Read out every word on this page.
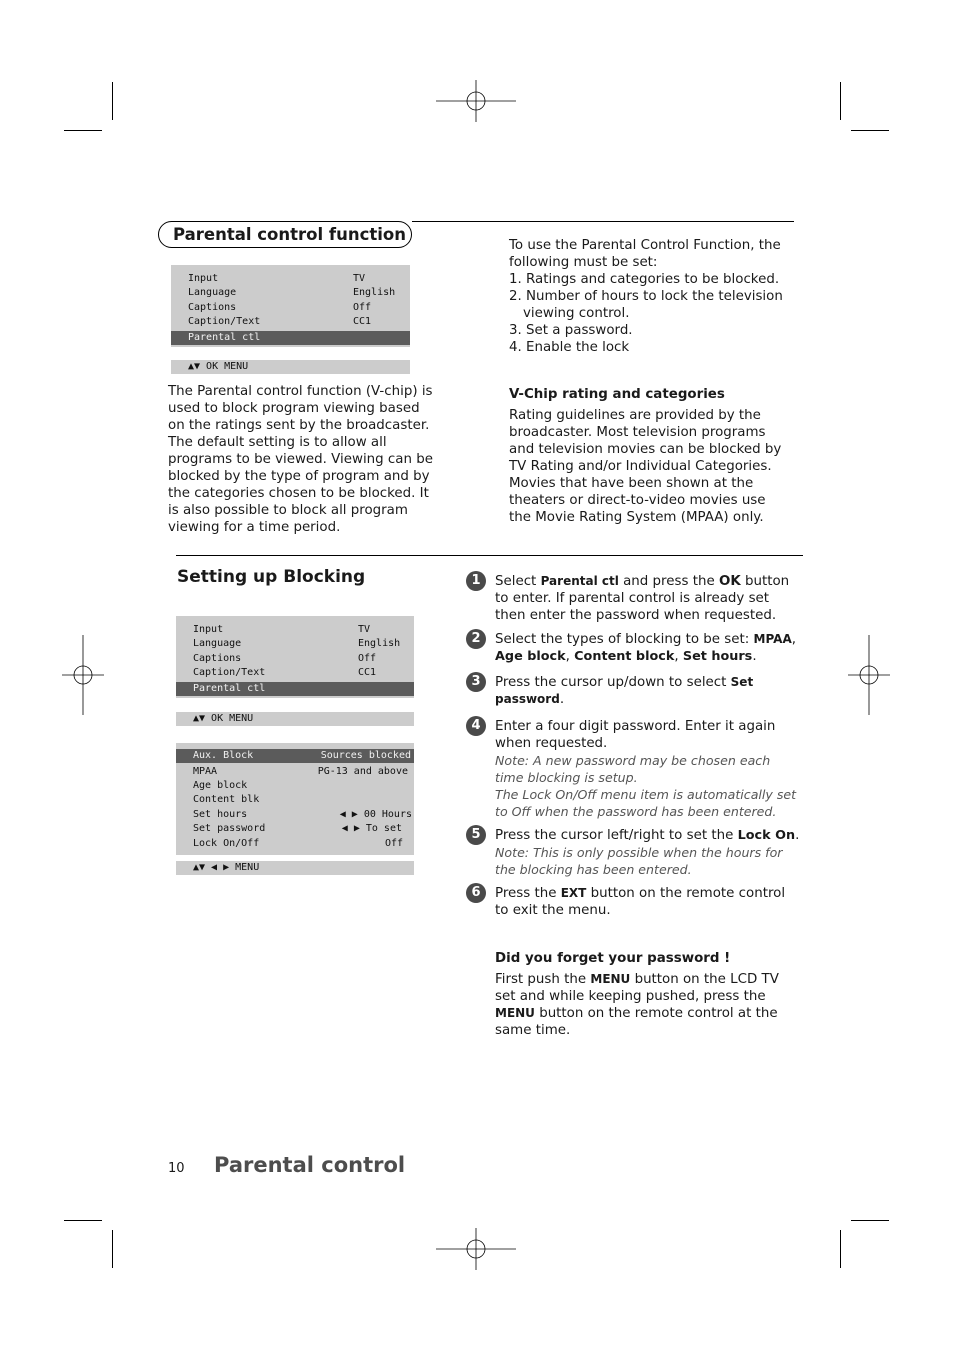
Parental control function
Input	TV
Language	English
Captions	Off
Caption/Text	CC1
Parental ctl
▲▼ OK MENU

The Parental control function (V-chip) is used to block program viewing based on the ratings sent by the broadcaster. The default setting is to allow all programs to be viewed. Viewing can be blocked by the type of program and by the categories chosen to be blocked. It is also possible to block all program viewing for a time period.

To use the Parental Control Function, the following must be set:

1. Ratings and categories to be blocked.

2. Number of hours to lock the television viewing control.

3. Set a password.

4. Enable the lock

V-Chip rating and categories

Rating guidelines are provided by the broadcaster. Most television programs and television movies can be blocked by TV Rating and/or Individual Categories. Movies that have been shown at the theaters or direct-to-video movies use the Movie Rating System (MPAA) only.

Setting up Blocking
Input	TV
Language	English
Captions	Off
Caption/Text	CC1
Parental ctl
▲▼ OK MENU
Aux. Block	Sources blocked
MPAA	PG-13 and above
Age block
Content blk
Set hours	◀ ▶ 00 Hours
Set password	◀ ▶ To set
Lock On/Off	Off
▲▼ ◀ ▶ MENU
1	Select Parental ctl and press the OK button to enter. If parental control is already set then enter the password when requested.
2	Select the types of blocking to be set: MPAA, Age block, Content block, Set hours.
3	Press the cursor up/down to select Set password.
4	Enter a four digit password. Enter it again when requested.
Note: A new password may be chosen each time blocking is setup.
The Lock On/Off menu item is automatically set to Off when the password has been entered.
5	Press the cursor left/right to set the Lock On.
Note: This is only possible when the hours for the blocking has been entered.
6	Press the EXT button on the remote control to exit the menu.

Did you forget your password !

First push the MENU button on the LCD TV set and while keeping pushed, press the MENU button on the remote control at the same time.

10 Parental control
